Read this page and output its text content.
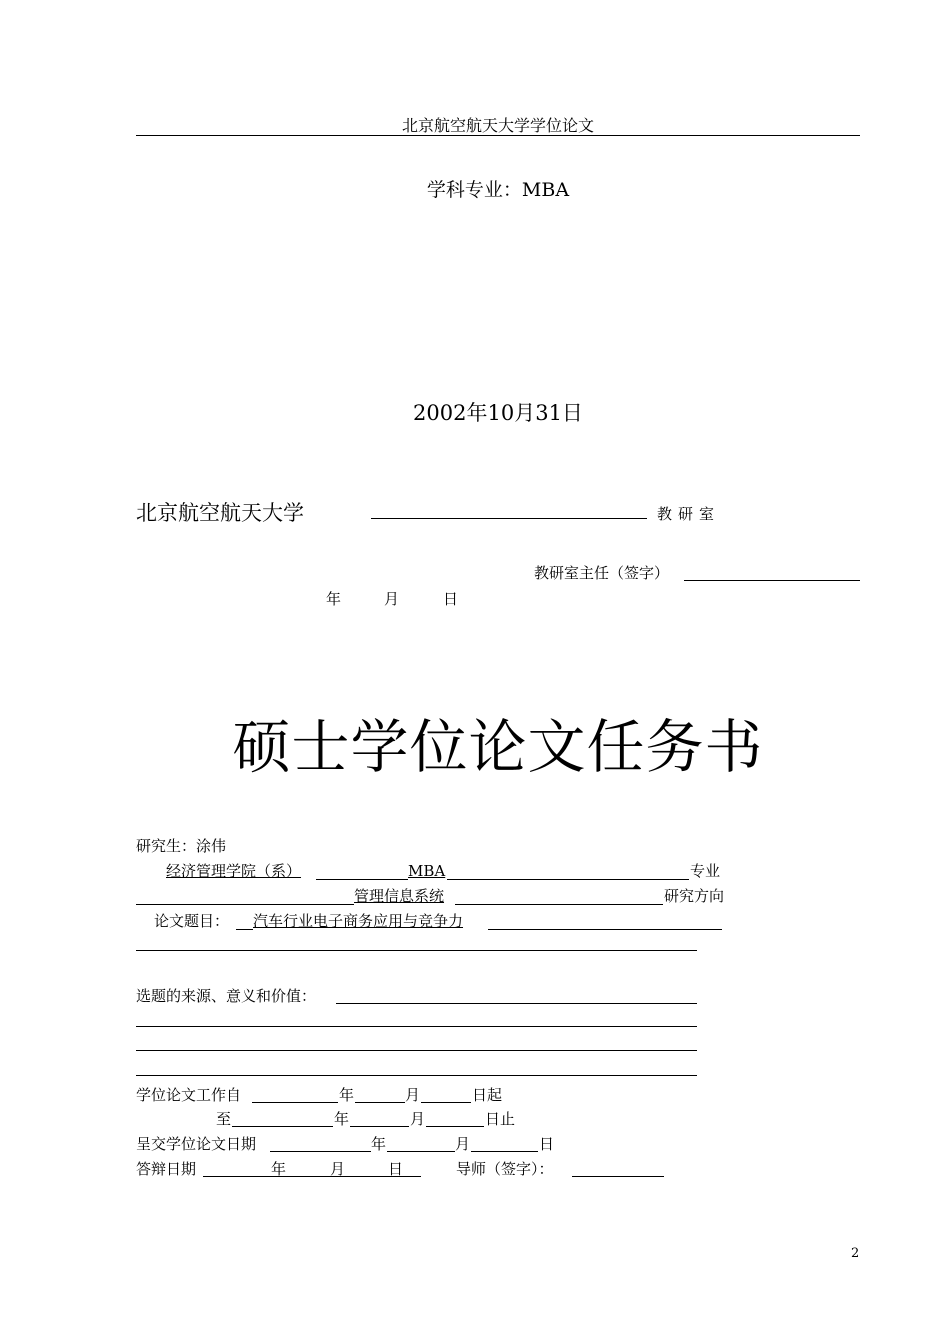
北京航空航天大学学位论文
学科专业：MBA
2002年10月31日
北京航空航天大学	教研室
教研室主任（签字）
年	月	日
硕士学位论文任务书
研究生：涂伟
经济管理学院（系）	MBA	专业
管理信息系统	研究方向
论文题目： 汽车行业电子商务应用与竞争力
选题的来源、意义和价值：
学位论文工作自	年	月	日起
至	年	月	日止
呈交学位论文日期	年	月	日
答辩日期	年	月	日	导师（签字）：
2
